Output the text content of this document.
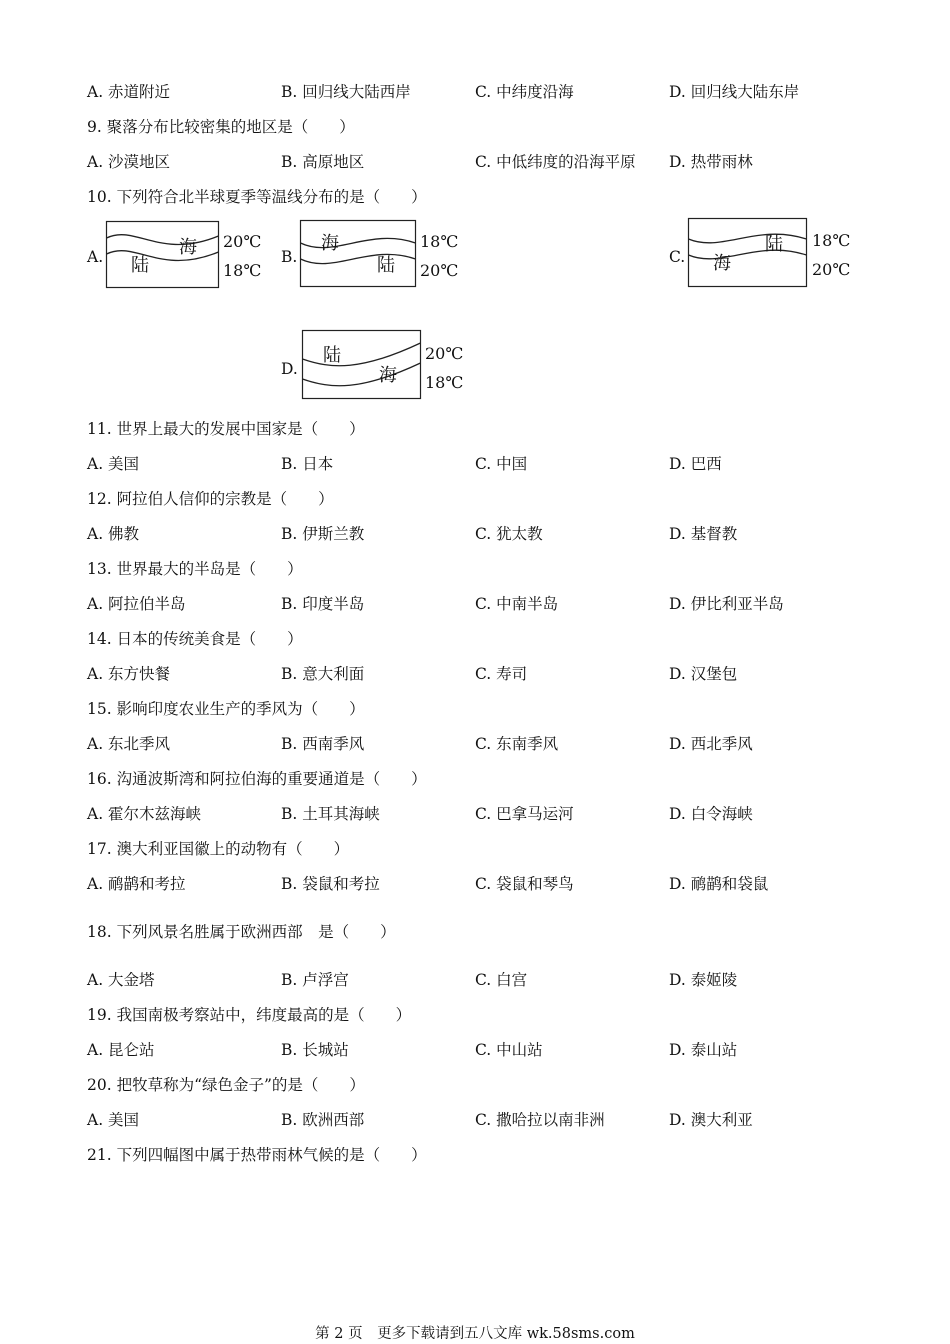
A. 赤道附近	B. 回归线大陆西岸	C. 中纬度沿海	D. 回归线大陆东岸
9. 聚落分布比较密集的地区是（　　）
A. 沙漠地区	B. 高原地区	C. 中低纬度的沿海平原 D. 热带雨林
10. 下列符合北半球夏季等温线分布的是（　　）
A.	海
陆
20℃
18℃
B.
海
陆
18℃
20℃
C.
陆
海
18℃
20℃
D.
陆
海
20℃
18℃
11. 世界上最大的发展中国家是（　　）
A. 美国	B. 日本	C. 中国	D. 巴西
12. 阿拉伯人信仰的宗教是（　　）
A. 佛教	B. 伊斯兰教	C. 犹太教	D. 基督教
13. 世界最大的半岛是（　　）
A. 阿拉伯半岛	B. 印度半岛	C. 中南半岛	D. 伊比利亚半岛
14. 日本的传统美食是（　　）
A. 东方快餐	B. 意大利面	C. 寿司	D. 汉堡包
15. 影响印度农业生产的季风为（　　）
A. 东北季风	B. 西南季风	C. 东南季风	D. 西北季风
16. 沟通波斯湾和阿拉伯海的重要通道是（　　）
A. 霍尔木兹海峡	B. 土耳其海峡	C. 巴拿马运河	D. 白令海峡
17. 澳大利亚国徽上的动物有（　　）
A. 鸸鹋和考拉	B. 袋鼠和考拉	C. 袋鼠和琴鸟	D. 鸸鹋和袋鼠
18. 下列风景名胜属于欧洲西部　是（　　）
A. 大金塔	B. 卢浮宫	C. 白宫	D. 泰姬陵
19. 我国南极考察站中，纬度最高的是（　　）
A. 昆仑站	B. 长城站	C. 中山站	D. 泰山站
20. 把牧草称为“绿色金子”的是（　　）
A. 美国	B. 欧洲西部	C. 撒哈拉以南非洲	D. 澳大利亚
21. 下列四幅图中属于热带雨林气候的是（　　）
第 2 页　更多下载请到五八文库 wk.58sms.com
